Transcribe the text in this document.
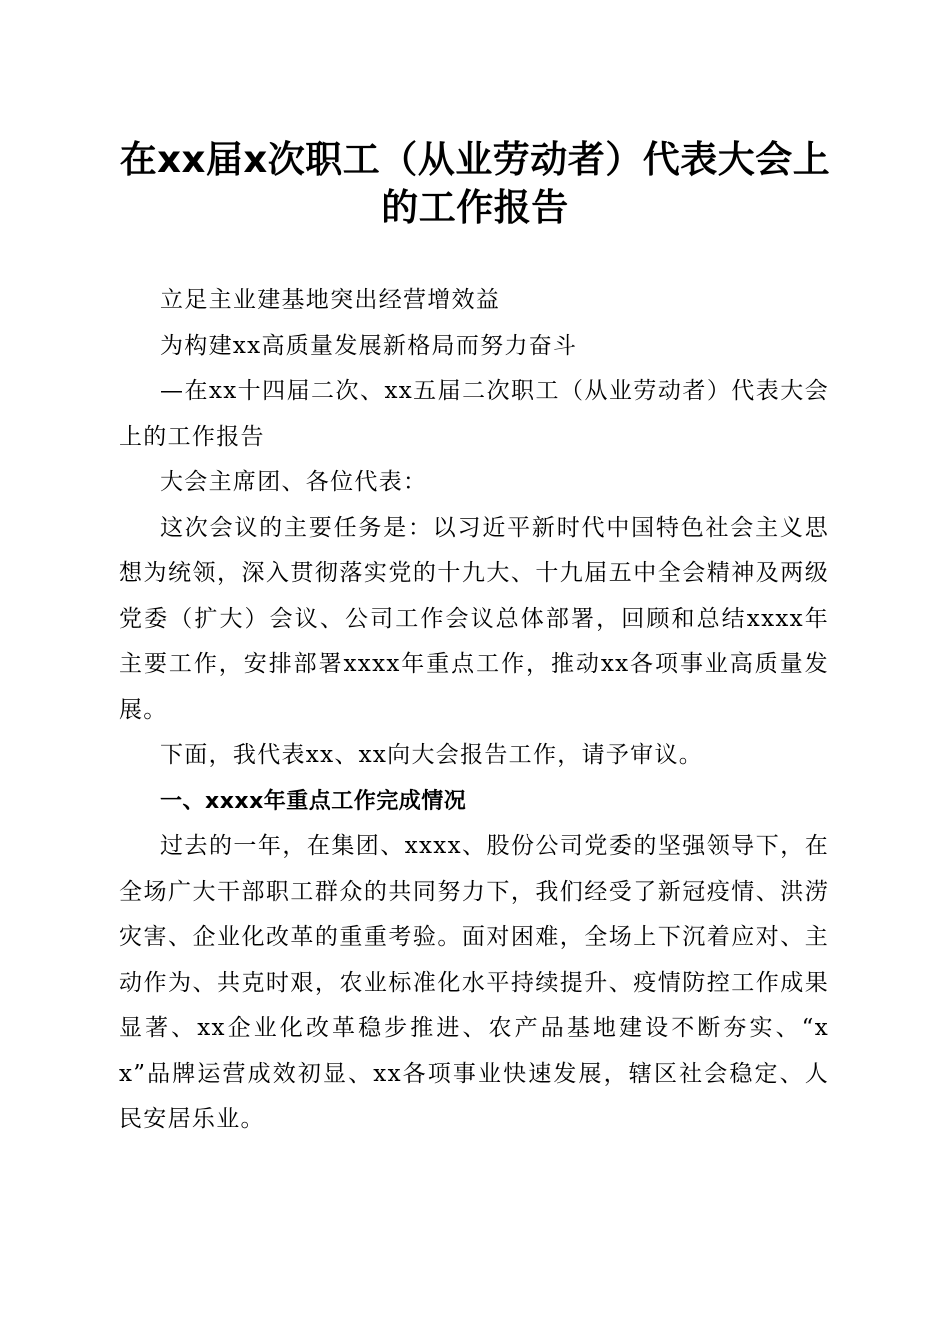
在xx届x次职工（从业劳动者）代表大会上
的工作报告

立足主业建基地突出经营增效益

为构建xx高质量发展新格局而努力奋斗

—在xx十四届二次、xx五届二次职工（从业劳动者）代表大会上的工作报告

大会主席团、各位代表：

这次会议的主要任务是：以习近平新时代中国特色社会主义思想为统领，深入贯彻落实党的十九大、十九届五中全会精神及两级党委（扩大）会议、公司工作会议总体部署，回顾和总结xxxx年主要工作，安排部署xxxx年重点工作，推动xx各项事业高质量发展。

下面，我代表xx、xx向大会报告工作，请予审议。

一、xxxx年重点工作完成情况

过去的一年，在集团、xxxx、股份公司党委的坚强领导下，在全场广大干部职工群众的共同努力下，我们经受了新冠疫情、洪涝灾害、企业化改革的重重考验。面对困难，全场上下沉着应对、主动作为、共克时艰，农业标准化水平持续提升、疫情防控工作成果显著、xx企业化改革稳步推进、农产品基地建设不断夯实、“xx”品牌运营成效初显、xx各项事业快速发展，辖区社会稳定、人民安居乐业。
